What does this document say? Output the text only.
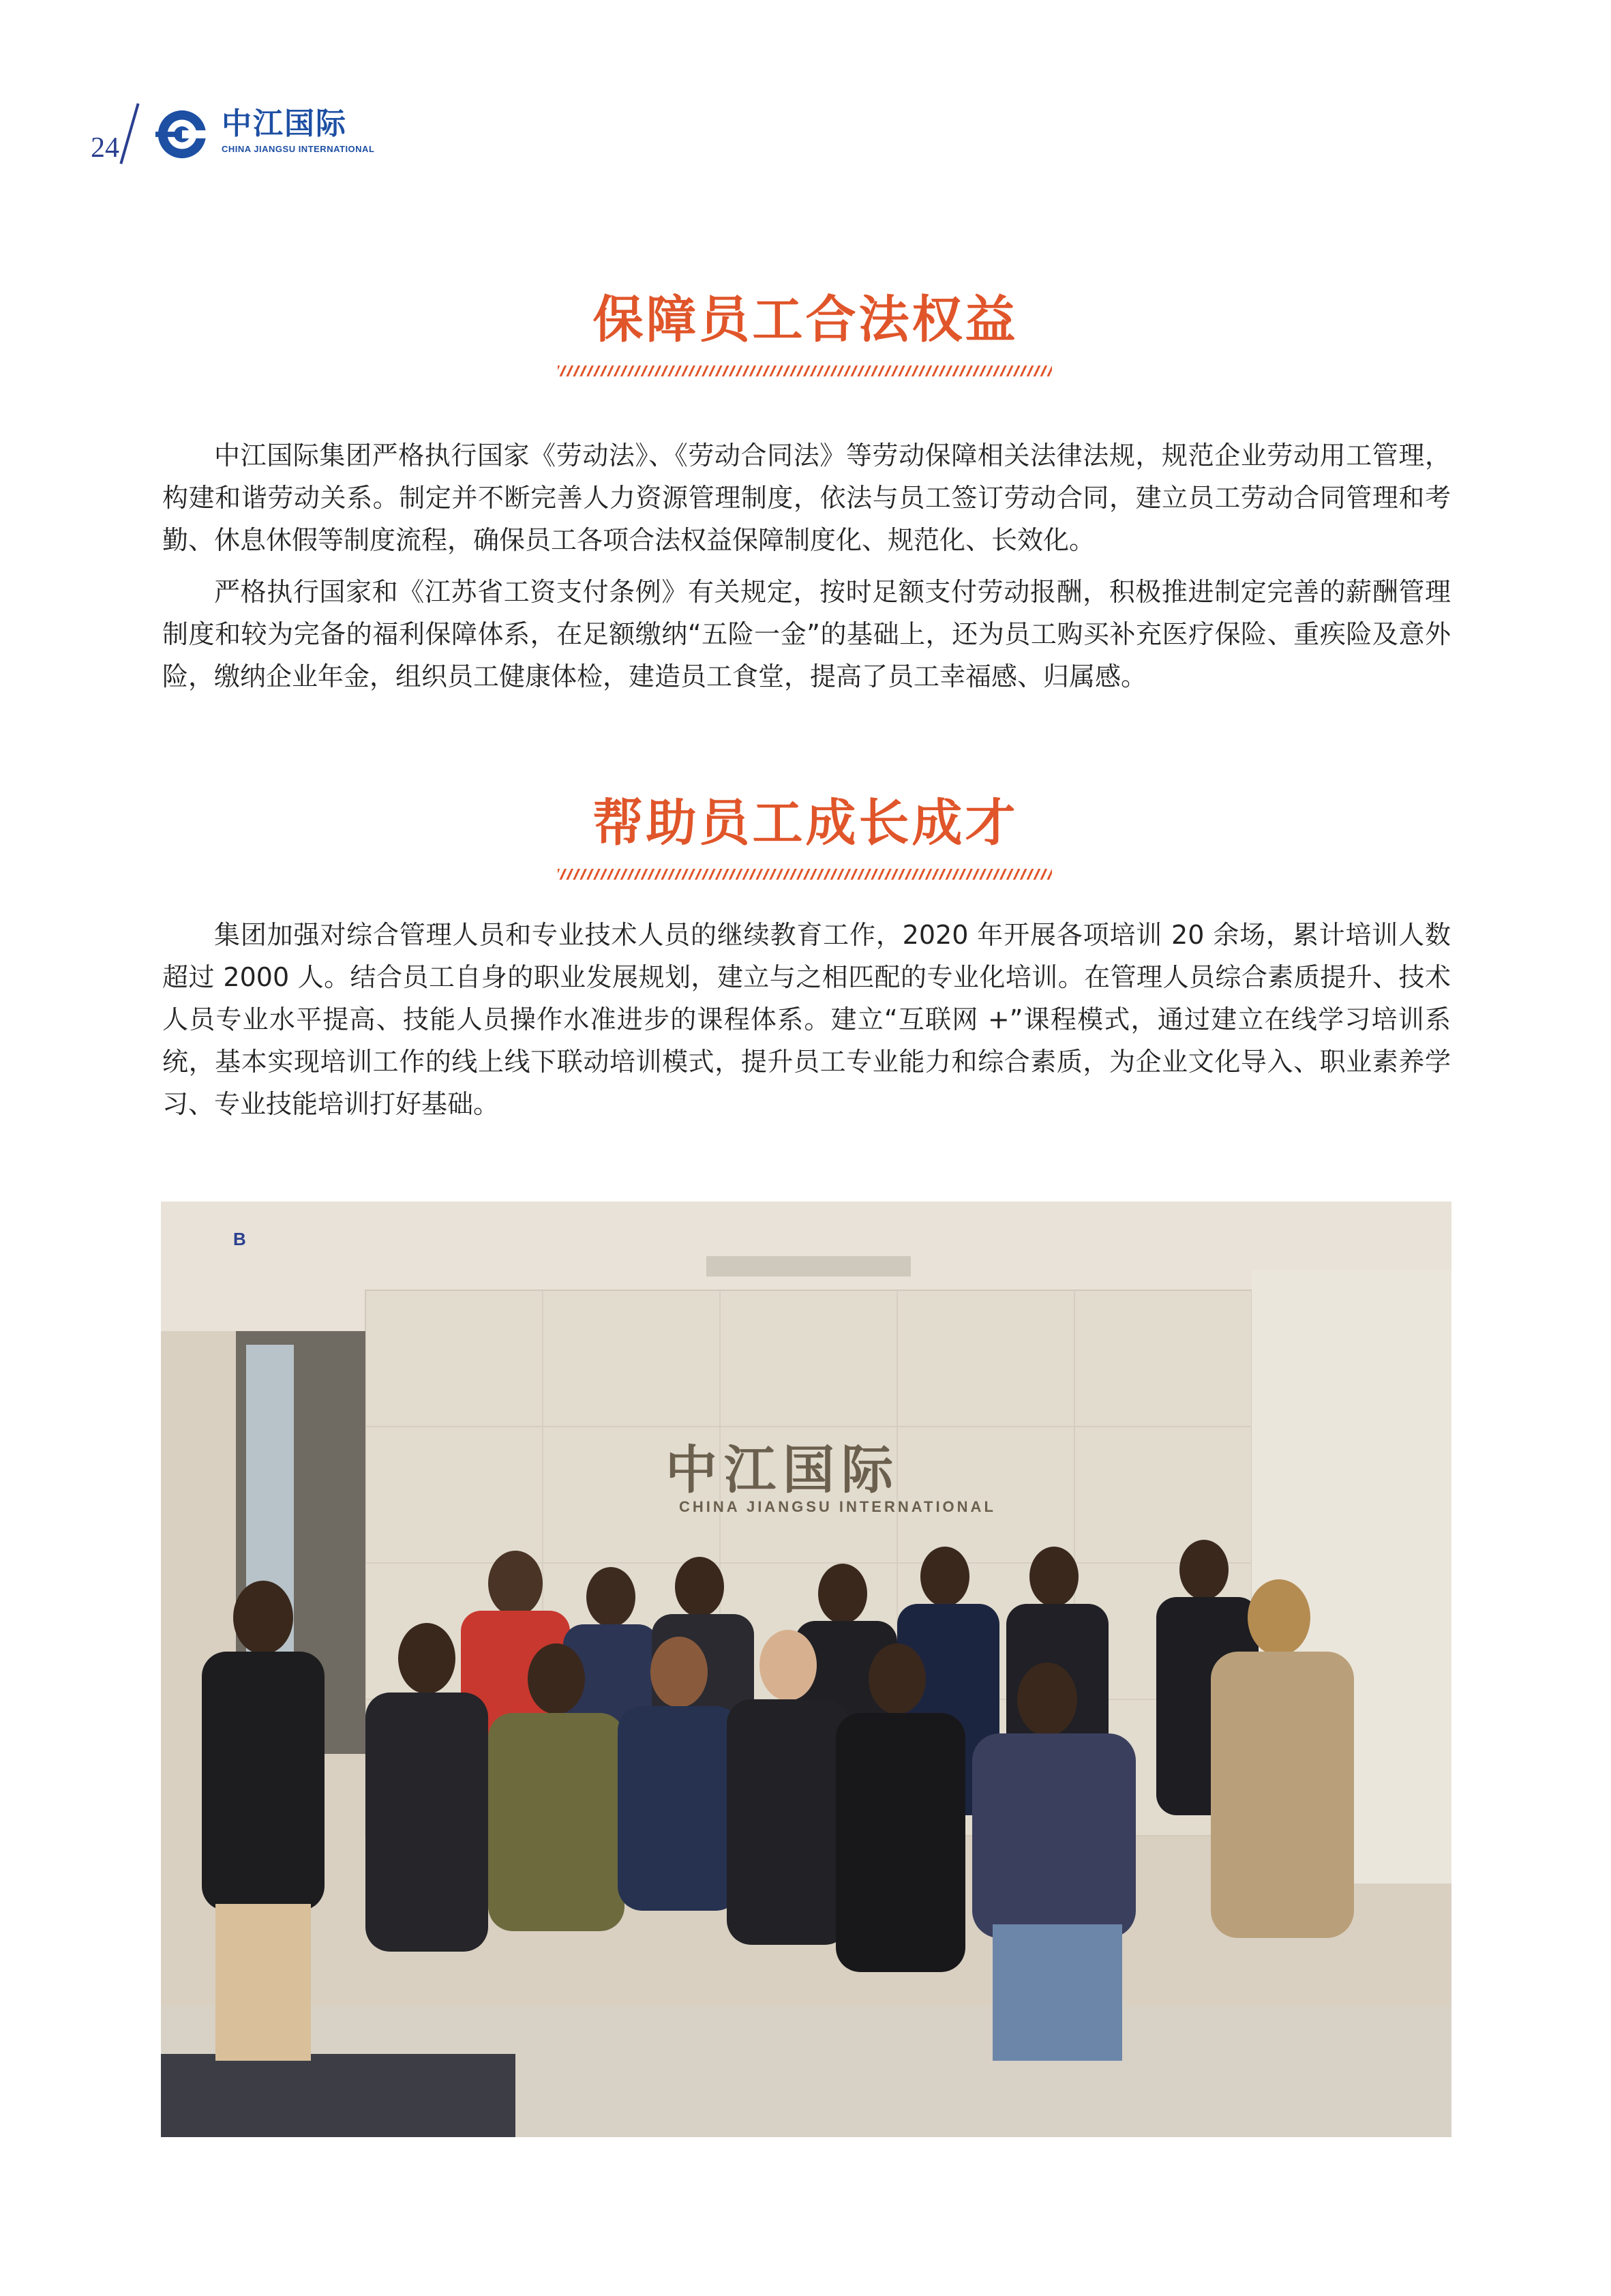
24
中江国际
CHINA JIANGSU INTERNATIONAL
保障员工合法权益

中江国际集团严格执行国家《劳动法》、《劳动合同法》等劳动保障相关法律法规，规范企业劳动用工管理，构建和谐劳动关系。制定并不断完善人力资源管理制度，依法与员工签订劳动合同，建立员工劳动合同管理和考勤、休息休假等制度流程，确保员工各项合法权益保障制度化、规范化、长效化。

严格执行国家和《江苏省工资支付条例》有关规定，按时足额支付劳动报酬，积极推进制定完善的薪酬管理制度和较为完备的福利保障体系，在足额缴纳“五险一金”的基础上，还为员工购买补充医疗保险、重疾险及意外险，缴纳企业年金，组织员工健康体检，建造员工食堂，提高了员工幸福感、归属感。

帮助员工成长成才

集团加强对综合管理人员和专业技术人员的继续教育工作，2020 年开展各项培训 20 余场，累计培训人数超过 2000 人。结合员工自身的职业发展规划，建立与之相匹配的专业化培训。在管理人员综合素质提升、技术人员专业水平提高、技能人员操作水准进步的课程体系。建立“互联网 +”课程模式，通过建立在线学习培训系统，基本实现培训工作的线上线下联动培训模式，提升员工专业能力和综合素质，为企业文化导入、职业素养学习、专业技能培训打好基础。

中江国际
CHINA JIANGSU INTERNATIONAL
B
